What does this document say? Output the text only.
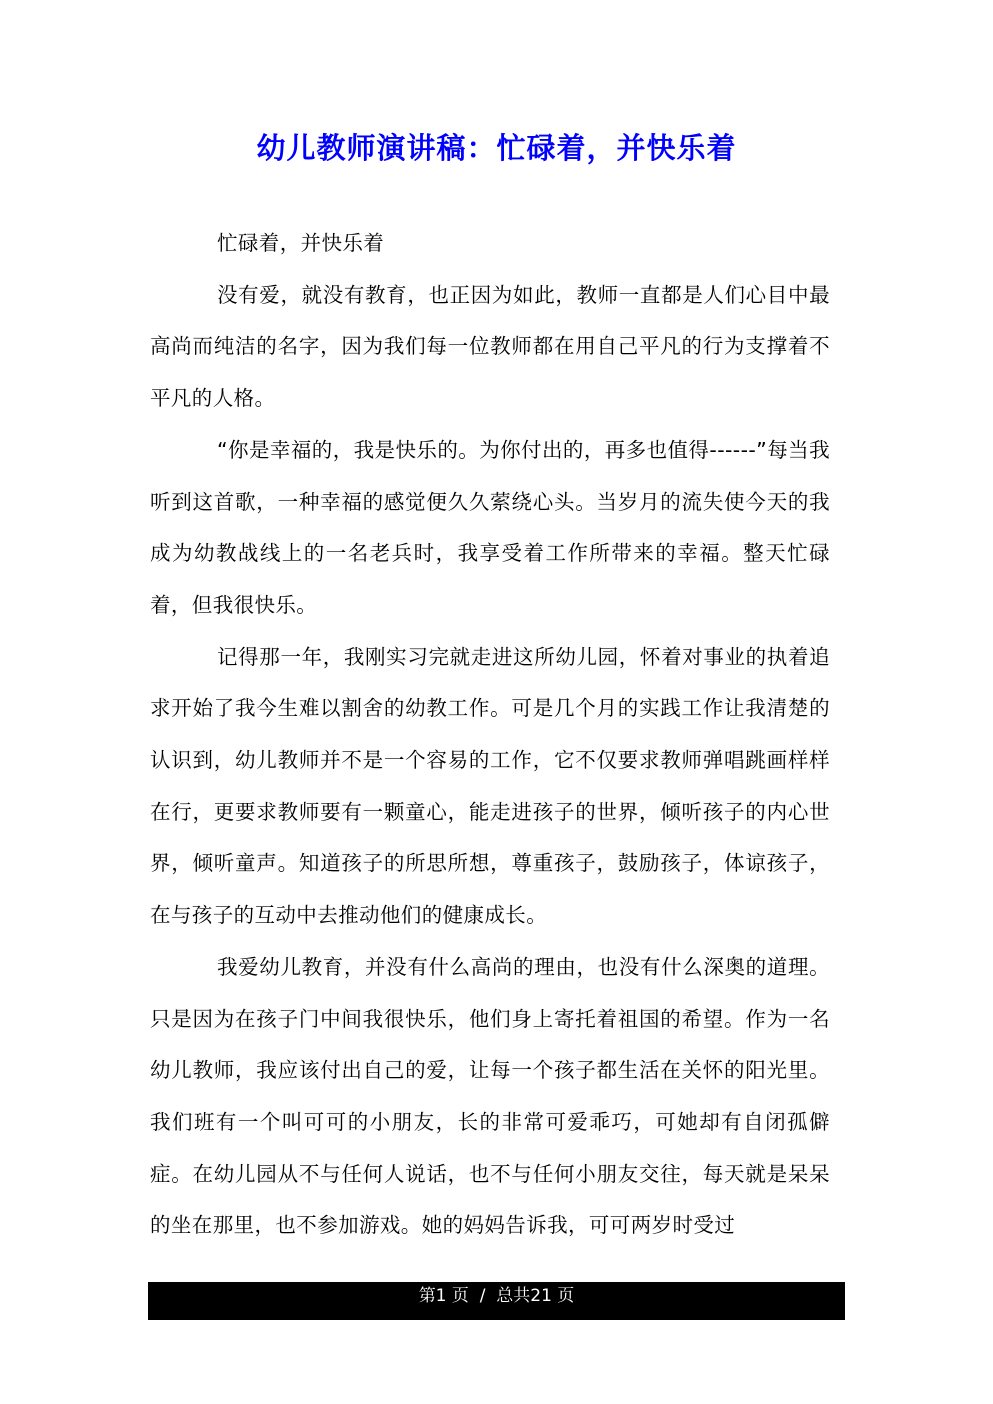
幼儿教师演讲稿：忙碌着，并快乐着

忙碌着，并快乐着

没有爱，就没有教育，也正因为如此，教师一直都是人们心目中最高尚而纯洁的名字，因为我们每一位教师都在用自己平凡的行为支撑着不平凡的人格。

“你是幸福的，我是快乐的。为你付出的，再多也值得------”每当我听到这首歌，一种幸福的感觉便久久萦绕心头。当岁月的流失使今天的我成为幼教战线上的一名老兵时，我享受着工作所带来的幸福。整天忙碌着，但我很快乐。

记得那一年，我刚实习完就走进这所幼儿园，怀着对事业的执着追求开始了我今生难以割舍的幼教工作。可是几个月的实践工作让我清楚的认识到，幼儿教师并不是一个容易的工作，它不仅要求教师弹唱跳画样样在行，更要求教师要有一颗童心，能走进孩子的世界，倾听孩子的内心世界，倾听童声。知道孩子的所思所想，尊重孩子，鼓励孩子，体谅孩子，在与孩子的互动中去推动他们的健康成长。

我爱幼儿教育，并没有什么高尚的理由，也没有什么深奥的道理。只是因为在孩子门中间我很快乐，他们身上寄托着祖国的希望。作为一名幼儿教师，我应该付出自己的爱，让每一个孩子都生活在关怀的阳光里。我们班有一个叫可可的小朋友，长的非常可爱乖巧，可她却有自闭孤僻症。在幼儿园从不与任何人说话，也不与任何小朋友交往，每天就是呆呆的坐在那里，也不参加游戏。她的妈妈告诉我，可可两岁时受过

第1 页  /  总共21 页
